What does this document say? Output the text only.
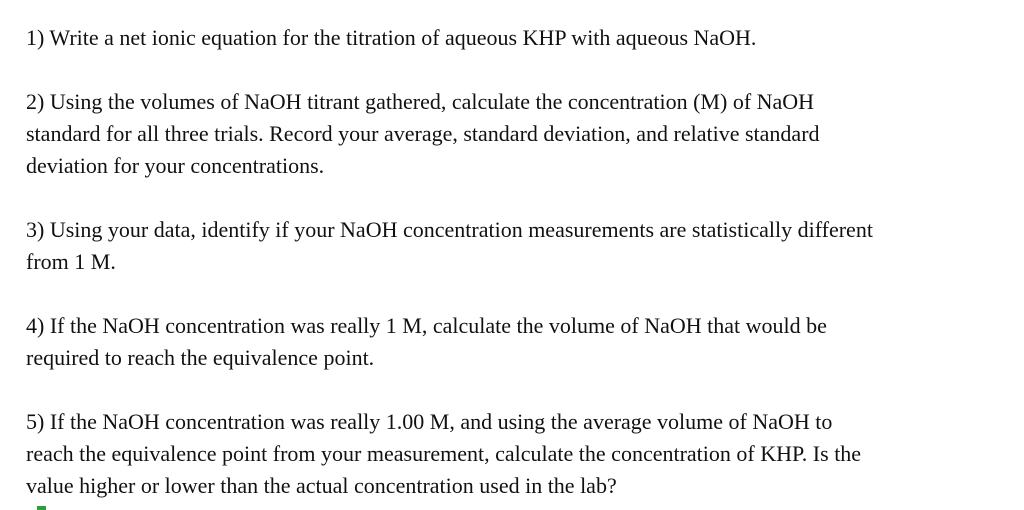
1) Write a net ionic equation for the titration of aqueous KHP with aqueous NaOH.

2) Using the volumes of NaOH titrant gathered, calculate the concentration (M) of NaOH
standard for all three trials. Record your average, standard deviation, and relative standard
deviation for your concentrations.

3) Using your data, identify if your NaOH concentration measurements are statistically different
from 1 M.

4) If the NaOH concentration was really 1 M, calculate the volume of NaOH that would be
required to reach the equivalence point.

5) If the NaOH concentration was really 1.00 M, and using the average volume of NaOH to
reach the equivalence point from your measurement, calculate the concentration of KHP. Is the
value higher or lower than the actual concentration used in the lab?
